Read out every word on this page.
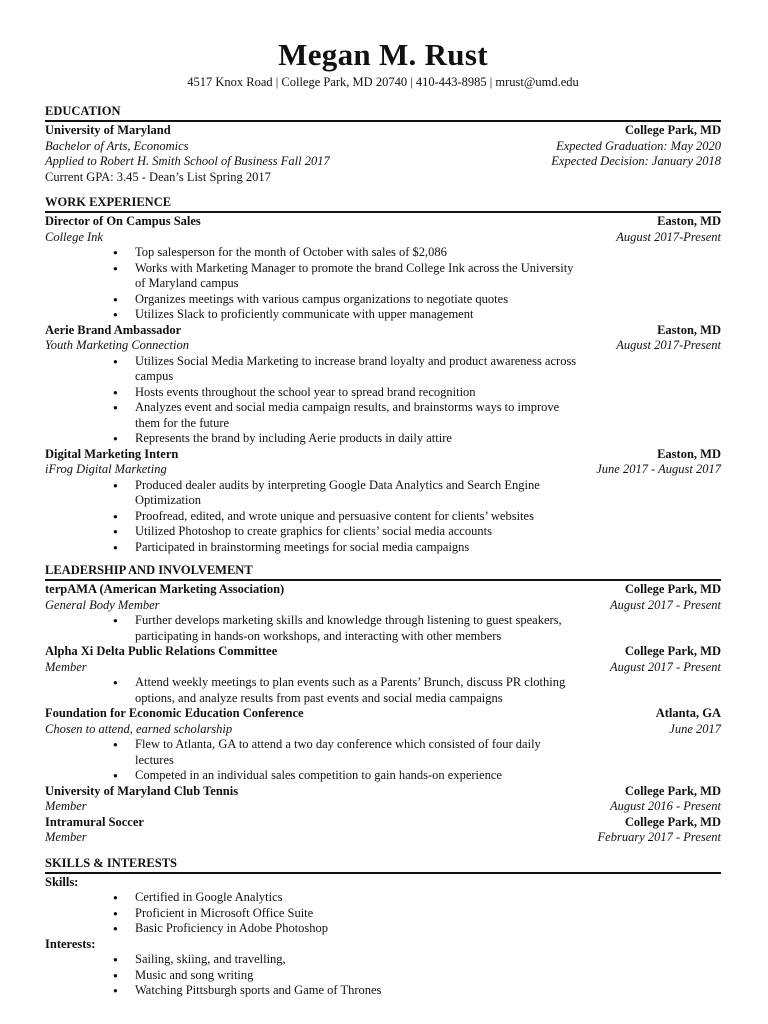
Megan M. Rust
4517 Knox Road | College Park, MD 20740 | 410-443-8985 | mrust@umd.edu
EDUCATION
University of Maryland	College Park, MD
Bachelor of Arts, Economics	Expected Graduation: May 2020
Applied to Robert H. Smith School of Business Fall 2017	Expected Decision: January 2018
Current GPA: 3.45 - Dean’s List Spring 2017
WORK EXPERIENCE
Director of On Campus Sales	Easton, MD
College Ink	August 2017-Present
● Top salesperson for the month of October with sales of $2,086
● Works with Marketing Manager to promote the brand College Ink across the University of Maryland campus
● Organizes meetings with various campus organizations to negotiate quotes
● Utilizes Slack to proficiently communicate with upper management
Aerie Brand Ambassador	Easton, MD
Youth Marketing Connection	August 2017-Present
● Utilizes Social Media Marketing to increase brand loyalty and product awareness across campus
● Hosts events throughout the school year to spread brand recognition
● Analyzes event and social media campaign results, and brainstorms ways to improve them for the future
● Represents the brand by including Aerie products in daily attire
Digital Marketing Intern	Easton, MD
iFrog Digital Marketing	June 2017 - August 2017
● Produced dealer audits by interpreting Google Data Analytics and Search Engine Optimization
● Proofread, edited, and wrote unique and persuasive content for clients’ websites
● Utilized Photoshop to create graphics for clients’ social media accounts
● Participated in brainstorming meetings for social media campaigns
LEADERSHIP AND INVOLVEMENT
terpAMA (American Marketing Association)	College Park, MD
General Body Member	August 2017 - Present
● Further develops marketing skills and knowledge through listening to guest speakers, participating in hands-on workshops, and interacting with other members
Alpha Xi Delta Public Relations Committee	College Park, MD
Member	August 2017 - Present
● Attend weekly meetings to plan events such as a Parents’ Brunch, discuss PR clothing options, and analyze results from past events and social media campaigns
Foundation for Economic Education Conference	Atlanta, GA
Chosen to attend, earned scholarship	June 2017
● Flew to Atlanta, GA to attend a two day conference which consisted of four daily lectures
● Competed in an individual sales competition to gain hands-on experience
University of Maryland Club Tennis	College Park, MD
Member	August 2016 - Present
Intramural Soccer	College Park, MD
Member	February 2017 - Present
SKILLS & INTERESTS
Skills:
● Certified in Google Analytics
● Proficient in Microsoft Office Suite
● Basic Proficiency in Adobe Photoshop
Interests:
● Sailing, skiing, and travelling,
● Music and song writing
● Watching Pittsburgh sports and Game of Thrones
